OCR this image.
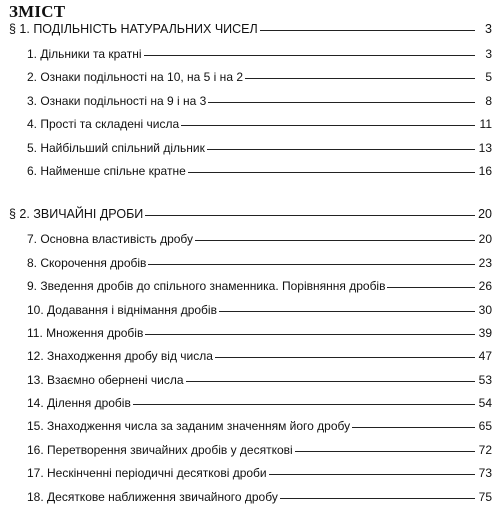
ЗМІСТ
§ 1. ПОДІЛЬНІСТЬ НАТУРАЛЬНИХ ЧИСЕЛ	3
1. Дільники та кратні	3
2. Ознаки подільності на 10, на 5 і на 2	5
3. Ознаки подільності на 9 і на 3	8
4. Прості та складені числа	11
5. Найбільший спільний дільник	13
6. Найменше спільне кратне	16
§ 2. ЗВИЧАЙНІ ДРОБИ	20
7. Основна властивість дробу	20
8. Скорочення дробів	23
9. Зведення дробів до спільного знаменника. Порівняння дробів	26
10. Додавання і віднімання дробів	30
11. Множення дробів	39
12. Знаходження дробу від числа	47
13. Взаємно обернені числа	53
14. Ділення дробів	54
15. Знаходження числа за заданим значенням його дробу	65
16. Перетворення звичайних дробів у десяткові	72
17. Нескінченні періодичні десяткові дроби	73
18. Десяткове наближення звичайного дробу	75
